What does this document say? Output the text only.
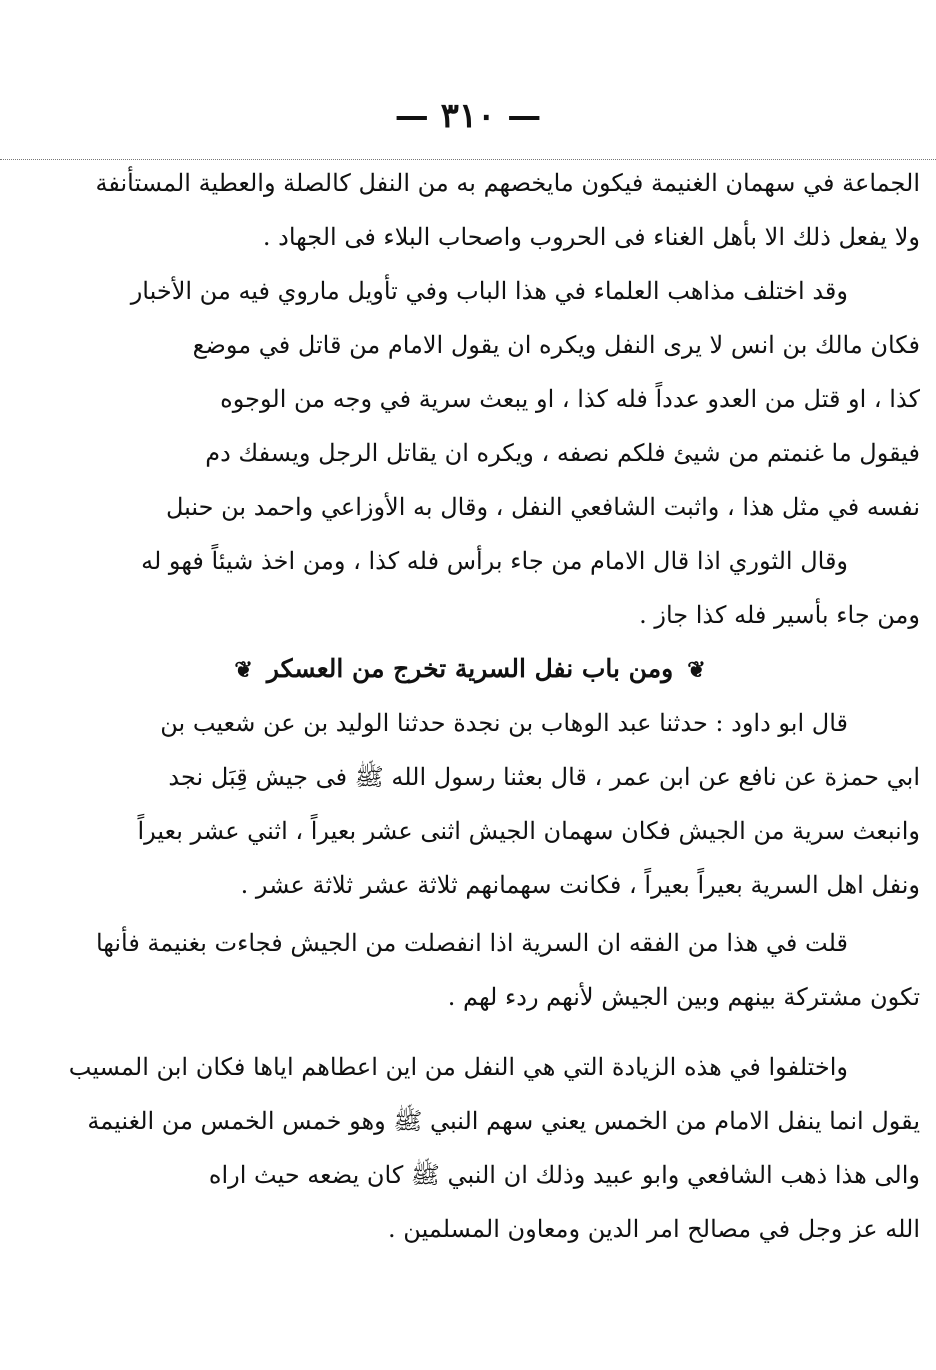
— ٣١٠ —
الجماعة في سهمان الغنيمة فيكون مايخصهم به من النفل كالصلة والعطية المستأنفة
ولا يفعل ذلك الا بأهل الغناء فى الحروب واصحاب البلاء فى الجهاد .
وقد اختلف مذاهب العلماء في هذا الباب وفي تأويل ماروي فيه من الأخبار
فكان مالك بن انس لا يرى النفل ويكره ان يقول الامام من قاتل في موضع
كذا ، او قتل من العدو عدداً فله كذا ، او يبعث سرية في وجه من الوجوه
فيقول ما غنمتم من شيئ فلكم نصفه ، ويكره ان يقاتل الرجل ويسفك دم
نفسه في مثل هذا ، واثبت الشافعي النفل ، وقال به الأوزاعي واحمد بن حنبل
وقال الثوري اذا قال الامام من جاء برأس فله كذا ، ومن اخذ شيئاً فهو له
ومن جاء بأسير فله كذا جاز .
❦ومن باب نفل السرية تخرج من العسكر❦
قال ابو داود : حدثنا عبد الوهاب بن نجدة حدثنا الوليد بن عن شعيب بن
ابي حمزة عن نافع عن ابن عمر ، قال بعثنا رسول الله ﷺ فى جيش قِبَل نجد
وانبعث سرية من الجيش فكان سهمان الجيش اثنى عشر بعيراً ، اثني عشر بعيراً
ونفل اهل السرية بعيراً بعيراً ، فكانت سهمانهم ثلاثة عشر ثلاثة عشر .
قلت في هذا من الفقه ان السرية اذا انفصلت من الجيش فجاءت بغنيمة فأنها
تكون مشتركة بينهم وبين الجيش لأنهم ردء لهم .
واختلفوا في هذه الزيادة التي هي النفل من اين اعطاهم اياها فكان ابن المسيب
يقول انما ينفل الامام من الخمس يعني سهم النبي ﷺ وهو خمس الخمس من الغنيمة
والى هذا ذهب الشافعي وابو عبيد وذلك ان النبي ﷺ كان يضعه حيث اراه
الله عز وجل في مصالح امر الدين ومعاون المسلمين .
